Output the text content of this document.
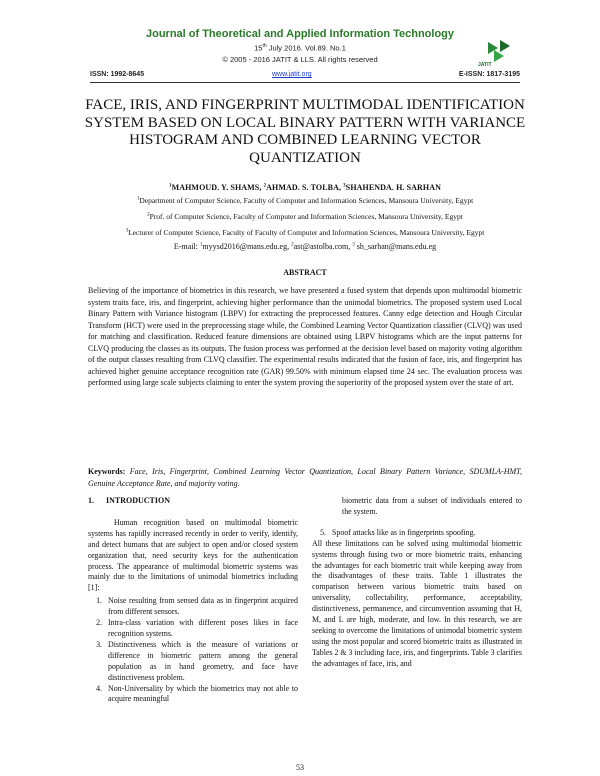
Journal of Theoretical and Applied Information Technology
15th July 2016. Vol.89. No.1
© 2005 - 2016 JATIT & LLS. All rights reserved
JATIT
ISSN: 1992-8645	www.jatit.org	E-ISSN: 1817-3195
FACE, IRIS, AND FINGERPRINT MULTIMODAL IDENTIFICATION SYSTEM BASED ON LOCAL BINARY PATTERN WITH VARIANCE HISTOGRAM AND COMBINED LEARNING VECTOR QUANTIZATION
$^1$MAHMOUD. Y. SHAMS, $^2$AHMAD. S. TOLBA, $^3$SHAHENDA. H. SARHAN
$^1$Department of Computer Science, Faculty of Computer and Information Sciences, Mansoura University, Egypt
$^2$Prof. of Computer Science, Faculty of Computer and Information Sciences, Mansoura University, Egypt
$^3$Lecturer of Computer Science, Faculty of Faculty of Computer and Information Sciences, Mansoura University, Egypt
E-mail: $^1$myysd2016@mans.edu.eg, $^2$ast@astolba.com, $^3$ sh_sarhan@mans.edu.eg
ABSTRACT

Believing of the importance of biometrics in this research, we have presented a fused system that depends upon multimodal biometric system traits face, iris, and fingerprint, achieving higher performance than the unimodal biometrics. The proposed system used Local Binary Pattern with Variance histogram (LBPV) for extracting the preprocessed features. Canny edge detection and Hough Circular Transform (HCT) were used in the preprocessing stage while, the Combined Learning Vector Quantization classifier (CLVQ) was used for matching and classification. Reduced feature dimensions are obtained using LBPV histograms which are the input patterns for CLVQ producing the classes as its outputs. The fusion process was performed at the decision level based on majority voting algorithm of the output classes resulting from CLVQ classifier. The experimental results indicated that the fusion of face, iris, and fingerprint has achieved higher genuine acceptance recognition rate (GAR) 99.50% with minimum elapsed time 24 sec. The evaluation process was performed using large scale subjects claiming to enter the system proving the superiority of the proposed system over the state of art.

Keywords: Face, Iris, Fingerprint, Combined Learning Vector Quantization, Local Binary Pattern Variance, SDUMLA-HMT, Genuine Acceptance Rate, and majority voting.

1. INTRODUCTION

Human recognition based on multimodal biometric systems has rapidly increased recently in order to verify, identify, and detect humans that are subject to open and/or closed system organization that, need security keys for the authentication process. The appearance of multimodal biometric systems was mainly due to the limitations of unimodal biometrics including [1]:

1. Noise resulting from sensed data as in fingerprint acquired from different sensors.
2. Intra-class variation with different poses likes in face recognition systems.
3. Distinctiveness which is the measure of variations or difference in biometric pattern among the general population as in hand geometry, and face have distinctiveness problem.
4. Non-Universality by which the biometrics may not able to acquire meaningful

biometric data from a subset of individuals entered to the system.

5. Spoof attacks like as in fingerprints spoofing.

All these limitations can be solved using multimodal biometric systems through fusing two or more biometric traits, enhancing the advantages for each biometric trait while keeping away from the disadvantages of these traits. Table 1 illustrates the comparison between various biometric traits based on universality, collectability, performance, acceptability, distinctiveness, permanence, and circumvention assuming that H, M, and L are high, moderate, and low. In this research, we are seeking to overcome the limitations of unimodal biometric system using the most popular and scored biometric traits as illustrated in Tables 2 & 3 including face, iris, and fingerprints. Table 3 clarifies the advantages of face, iris, and

53
